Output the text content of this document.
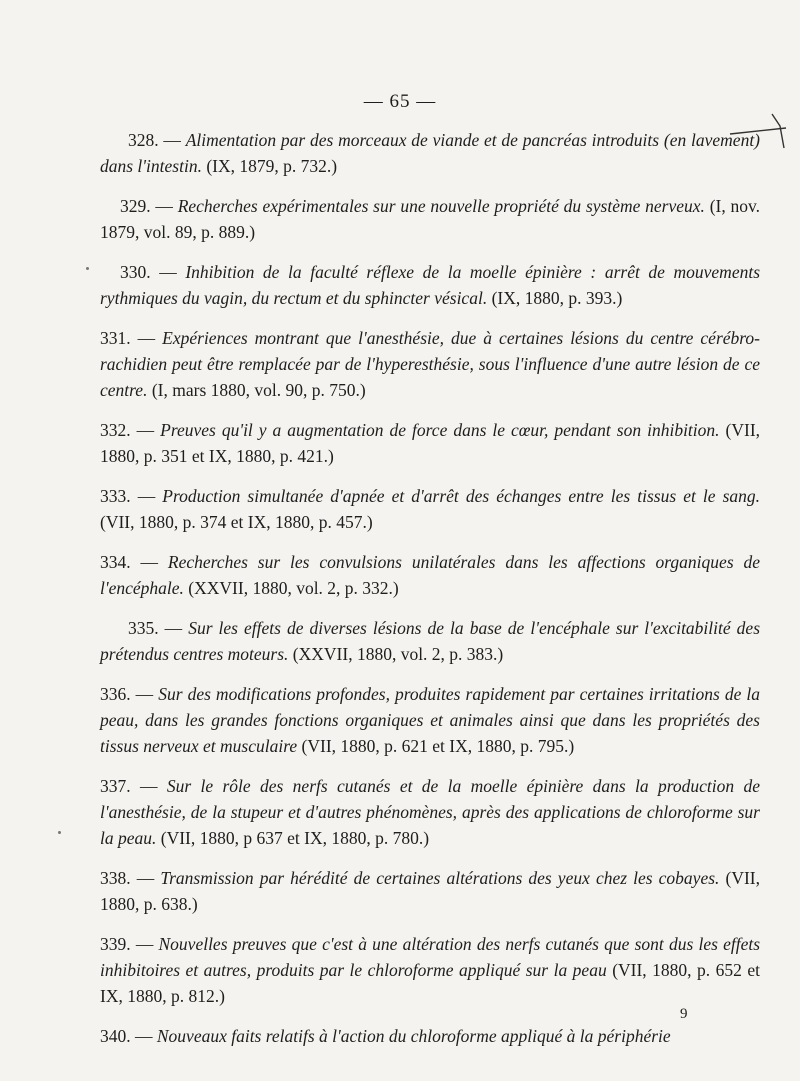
— 65 —
328. — Alimentation par des morceaux de viande et de pancréas introduits (en lavement) dans l'intestin. (IX, 1879, p. 732.)
329. — Recherches expérimentales sur une nouvelle propriété du système nerveux. (I, nov. 1879, vol. 89, p. 889.)
330. — Inhibition de la faculté réflexe de la moelle épinière : arrêt de mouvements rythmiques du vagin, du rectum et du sphincter vésical. (IX, 1880, p. 393.)
331. — Expériences montrant que l'anesthésie, due à certaines lésions du centre cérébro-rachidien peut être remplacée par de l'hyperesthésie, sous l'influence d'une autre lésion de ce centre. (I, mars 1880, vol. 90, p. 750.)
332. — Preuves qu'il y a augmentation de force dans le cœur, pendant son inhibition. (VII, 1880, p. 351 et IX, 1880, p. 421.)
333. — Production simultanée d'apnée et d'arrêt des échanges entre les tissus et le sang. (VII, 1880, p. 374 et IX, 1880, p. 457.)
334. — Recherches sur les convulsions unilatérales dans les affections organiques de l'encéphale. (XXVII, 1880, vol. 2, p. 332.)
335. — Sur les effets de diverses lésions de la base de l'encéphale sur l'excitabilité des prétendus centres moteurs. (XXVII, 1880, vol. 2, p. 383.)
336. — Sur des modifications profondes, produites rapidement par certaines irritations de la peau, dans les grandes fonctions organiques et animales ainsi que dans les propriétés des tissus nerveux et musculaire (VII, 1880, p. 621 et IX, 1880, p. 795.)
337. — Sur le rôle des nerfs cutanés et de la moelle épinière dans la production de l'anesthésie, de la stupeur et d'autres phénomènes, après des applications de chloroforme sur la peau. (VII, 1880, p 637 et IX, 1880, p. 780.)
338. — Transmission par hérédité de certaines altérations des yeux chez les cobayes. (VII, 1880, p. 638.)
339. — Nouvelles preuves que c'est à une altération des nerfs cutanés que sont dus les effets inhibitoires et autres, produits par le chloroforme appliqué sur la peau (VII, 1880, p. 652 et IX, 1880, p. 812.)
340. — Nouveaux faits relatifs à l'action du chloroforme appliqué à la périphérie
9
